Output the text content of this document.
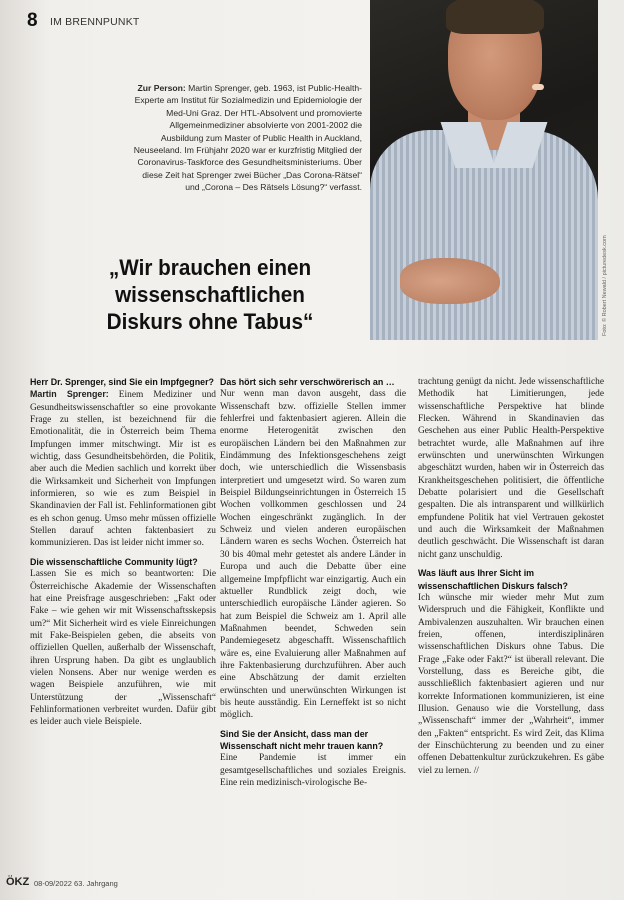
8 IM BRENNPUNKT
Foto: © Robert Newald / picturedesk.com
Zur Person: Martin Sprenger, geb. 1963, ist Public-Health-Experte am Institut für Sozialmedizin und Epidemiologie der Med-Uni Graz. Der HTL-Absolvent und promovierte Allgemeinmediziner absolvierte von 2001-2002 die Ausbildung zum Master of Public Health in Auckland, Neuseeland. Im Frühjahr 2020 war er kurzfristig Mitglied der Coronavirus-Taskforce des Gesundheitsministeriums. Über diese Zeit hat Sprenger zwei Bücher „Das Corona-Rätsel“ und „Corona – Des Rätsels Lösung?“ verfasst.
„Wir brauchen einen
wissenschaftlichen
Diskurs ohne Tabus“
Herr Dr. Sprenger, sind Sie ein Impfgegner?

Martin Sprenger: Einem Mediziner und Gesundheitswissenschaftler so eine provokante Frage zu stellen, ist bezeichnend für die Emotionalität, die in Österreich beim Thema Impfungen immer mitschwingt. Mir ist es wichtig, dass Gesundheitsbehörden, die Politik, aber auch die Medien sachlich und korrekt über die Wirksamkeit und Sicherheit von Impfungen informieren, so wie es zum Beispiel in Skandinavien der Fall ist. Fehlinformationen gibt es eh schon genug. Umso mehr müssen offizielle Stellen darauf achten faktenbasiert zu kommunizieren. Das ist leider nicht immer so.

Die wissenschaftliche Community lügt?

Lassen Sie es mich so beantworten: Die Österreichische Akademie der Wissenschaften hat eine Preisfrage ausgeschrieben: „Fakt oder Fake – wie gehen wir mit Wissenschaftsskepsis um?“ Mit Sicherheit wird es viele Einreichungen mit Fake-Beispielen geben, die abseits von offiziellen Quellen, außerhalb der Wissenschaft, ihren Ursprung haben. Da gibt es unglaublich vielen Nonsens. Aber nur wenige werden es wagen Beispiele anzuführen, wie mit Unterstützung der „Wissenschaft“ Fehlinformationen verbreitet wurden. Dafür gibt es leider auch viele Beispiele.

Das hört sich sehr verschwörerisch an …

Nur wenn man davon ausgeht, dass die Wissenschaft bzw. offizielle Stellen immer fehlerfrei und faktenbasiert agieren. Allein die enorme Heterogenität zwischen den europäischen Ländern bei den Maßnahmen zur Eindämmung des Infektionsgeschehens zeigt doch, wie unterschiedlich die Wissensbasis interpretiert und umgesetzt wird. So waren zum Beispiel Bildungseinrichtungen in Österreich 15 Wochen vollkommen geschlossen und 24 Wochen eingeschränkt zugänglich. In der Schweiz und vielen anderen europäischen Ländern waren es sechs Wochen. Österreich hat 30 bis 40mal mehr getestet als andere Länder in Europa und auch die Debatte über eine allgemeine Impfpflicht war einzigartig. Auch ein aktueller Rundblick zeigt doch, wie unterschiedlich europäische Länder agieren. So hat zum Beispiel die Schweiz am 1. April alle Maßnahmen beendet, Schweden sein Pandemiegesetz abgeschafft. Wissenschaftlich wäre es, eine Evaluierung aller Maßnahmen auf ihre Faktenbasierung durchzuführen. Aber auch eine Abschätzung der damit erzielten erwünschten und unerwünschten Wirkungen ist bis heute ausständig. Ein Lerneffekt ist so nicht möglich.

Sind Sie der Ansicht, dass man der Wissenschaft nicht mehr trauen kann?

Eine Pandemie ist immer ein gesamtgesellschaftliches und soziales Ereignis. Eine rein medizinisch-virologische Be-

trachtung genügt da nicht. Jede wissenschaftliche Methodik hat Limitierungen, jede wissenschaftliche Perspektive hat blinde Flecken. Während in Skandinavien das Geschehen aus einer Public Health-Perspektive betrachtet wurde, alle Maßnahmen auf ihre erwünschten und unerwünschten Wirkungen abgeschätzt wurden, haben wir in Österreich das Krankheitsgeschehen politisiert, die öffentliche Debatte polarisiert und die Gesellschaft gespalten. Die als intransparent und willkürlich empfundene Politik hat viel Vertrauen gekostet und auch die Wirksamkeit der Maßnahmen deutlich geschwächt. Die Wissenschaft ist daran nicht ganz unschuldig.

Was läuft aus Ihrer Sicht im wissenschaftlichen Diskurs falsch?

Ich wünsche mir wieder mehr Mut zum Widerspruch und die Fähigkeit, Konflikte und Ambivalenzen auszuhalten. Wir brauchen einen freien, offenen, interdisziplinären wissenschaftlichen Diskurs ohne Tabus. Die Frage „Fake oder Fakt?“ ist überall relevant. Die Vorstellung, dass es Bereiche gibt, die ausschließlich faktenbasiert agieren und nur korrekte Informationen kommunizieren, ist eine Illusion. Genauso wie die Vorstellung, dass „Wissenschaft“ immer der „Wahrheit“, immer den „Fakten“ entspricht. Es wird Zeit, das Klima der Einschüchterung zu beenden und zu einer offenen Debattenkultur zurückzukehren. Es gäbe viel zu lernen. //

ÖKZ 08-09/2022 63. Jahrgang
